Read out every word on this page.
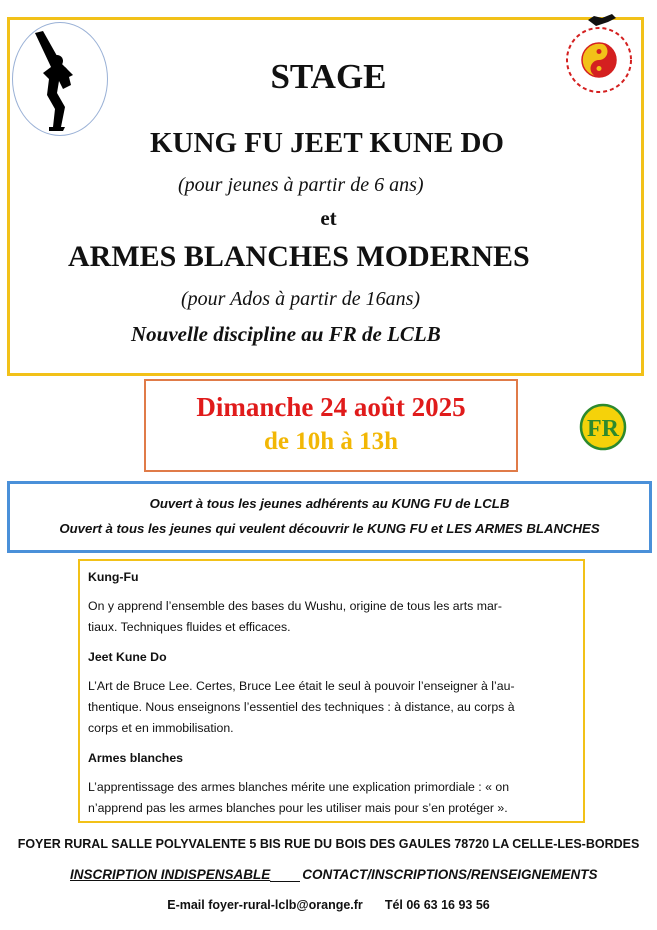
STAGE
KUNG FU JEET KUNE DO
(pour jeunes à partir de 6 ans)
et
ARMES BLANCHES MODERNES
(pour Ados à partir de 16ans)
Nouvelle discipline au FR de LCLB
Dimanche 24 août 2025
de 10h à 13h	FR
Ouvert à tous les jeunes adhérents au KUNG FU de LCLB
Ouvert à tous les jeunes qui veulent découvrir le KUNG FU et LES ARMES BLANCHES
Kung-Fu
On y apprend l’ensemble des bases du Wushu, origine de tous les arts mar-
tiaux. Techniques fluides et efficaces.
Jeet Kune Do
L’Art de Bruce Lee. Certes, Bruce Lee était le seul à pouvoir l’enseigner à l’au-
thentique. Nous enseignons l’essentiel des techniques : à distance, au corps à
corps et en immobilisation.
Armes blanches
L’apprentissage des armes blanches mérite une explication primordiale : « on
n’apprend pas les armes blanches pour les utiliser mais pour s’en protéger ».
FOYER RURAL SALLE POLYVALENTE 5 BIS RUE DU BOIS DES GAULES 78720 LA CELLE-LES-BORDES
INSCRIPTION INDISPENSABLE CONTACT/INSCRIPTIONS/RENSEIGNEMENTS
E-mail foyer-rural-lclb@orange.fr Tél 06 63 16 93 56
